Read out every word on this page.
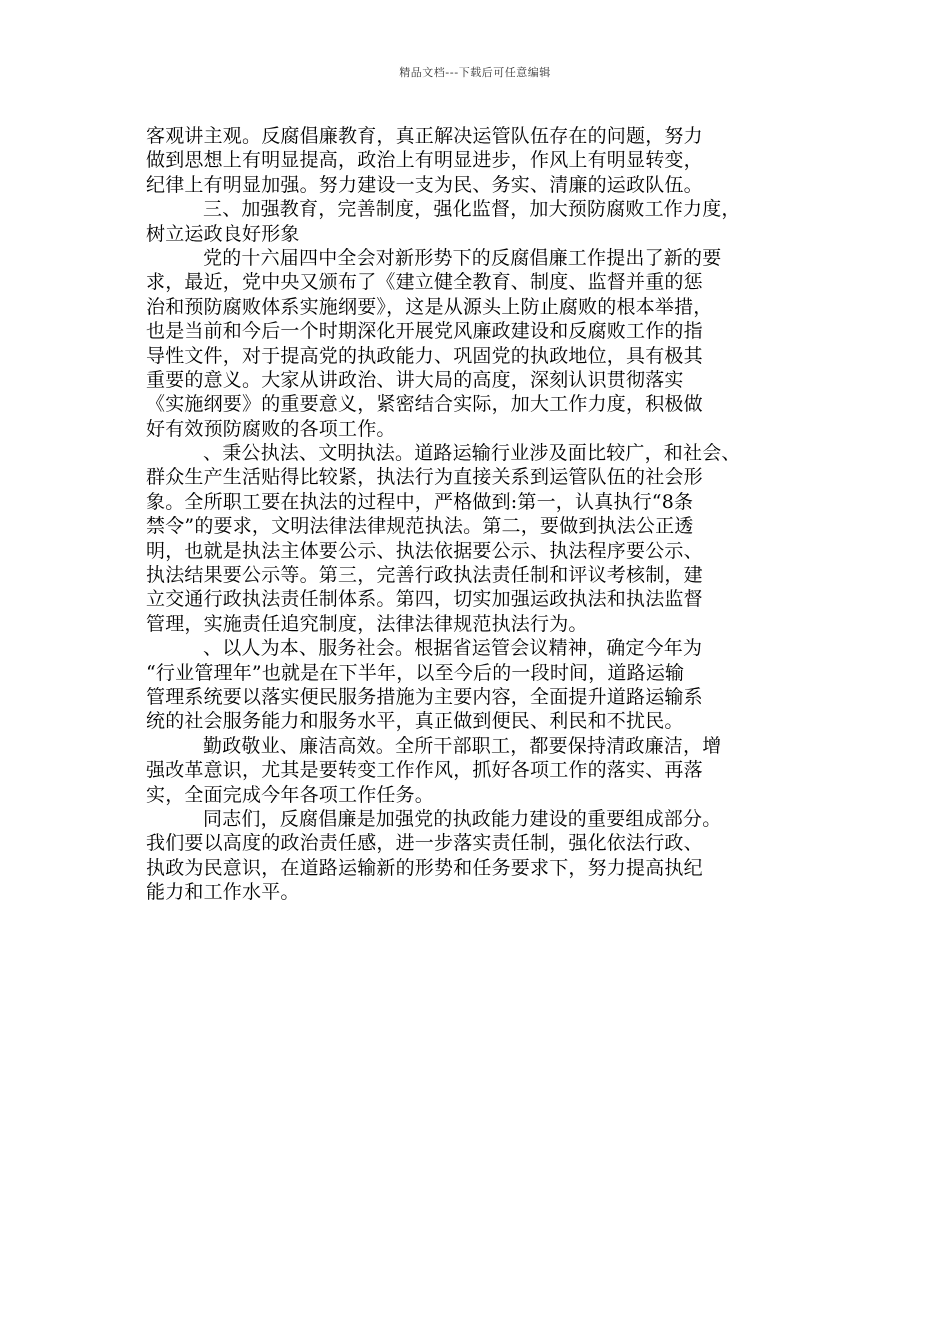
精品文档---下载后可任意编辑
客观讲主观。反腐倡廉教育，真正解决运管队伍存在的问题，努力
做到思想上有明显提高，政治上有明显进步，作风上有明显转变，
纪律上有明显加强。努力建设一支为民、务实、清廉的运政队伍。
三、加强教育，完善制度，强化监督，加大预防腐败工作力度，
树立运政良好形象
党的十六届四中全会对新形势下的反腐倡廉工作提出了新的要
求，最近，党中央又颁布了《建立健全教育、制度、监督并重的惩
治和预防腐败体系实施纲要》，这是从源头上防止腐败的根本举措，
也是当前和今后一个时期深化开展党风廉政建设和反腐败工作的指
导性文件，对于提高党的执政能力、巩固党的执政地位，具有极其
重要的意义。大家从讲政治、讲大局的高度，深刻认识贯彻落实
《实施纲要》的重要意义，紧密结合实际，加大工作力度，积极做
好有效预防腐败的各项工作。
、秉公执法、文明执法。道路运输行业涉及面比较广，和社会、
群众生产生活贴得比较紧，执法行为直接关系到运管队伍的社会形
象。全所职工要在执法的过程中，严格做到:第一，认真执行“8条
禁令”的要求，文明法律法律规范执法。第二，要做到执法公正透
明，也就是执法主体要公示、执法依据要公示、执法程序要公示、
执法结果要公示等。第三，完善行政执法责任制和评议考核制，建
立交通行政执法责任制体系。第四，切实加强运政执法和执法监督
管理，实施责任追究制度，法律法律规范执法行为。
、以人为本、服务社会。根据省运管会议精神，确定今年为
“行业管理年”也就是在下半年，以至今后的一段时间，道路运输
管理系统要以落实便民服务措施为主要内容，全面提升道路运输系
统的社会服务能力和服务水平，真正做到便民、利民和不扰民。
勤政敬业、廉洁高效。全所干部职工，都要保持清政廉洁，增
强改革意识，尤其是要转变工作作风，抓好各项工作的落实、再落
实，全面完成今年各项工作任务。
同志们，反腐倡廉是加强党的执政能力建设的重要组成部分。
我们要以高度的政治责任感，进一步落实责任制，强化依法行政、
执政为民意识，在道路运输新的形势和任务要求下，努力提高执纪
能力和工作水平。
